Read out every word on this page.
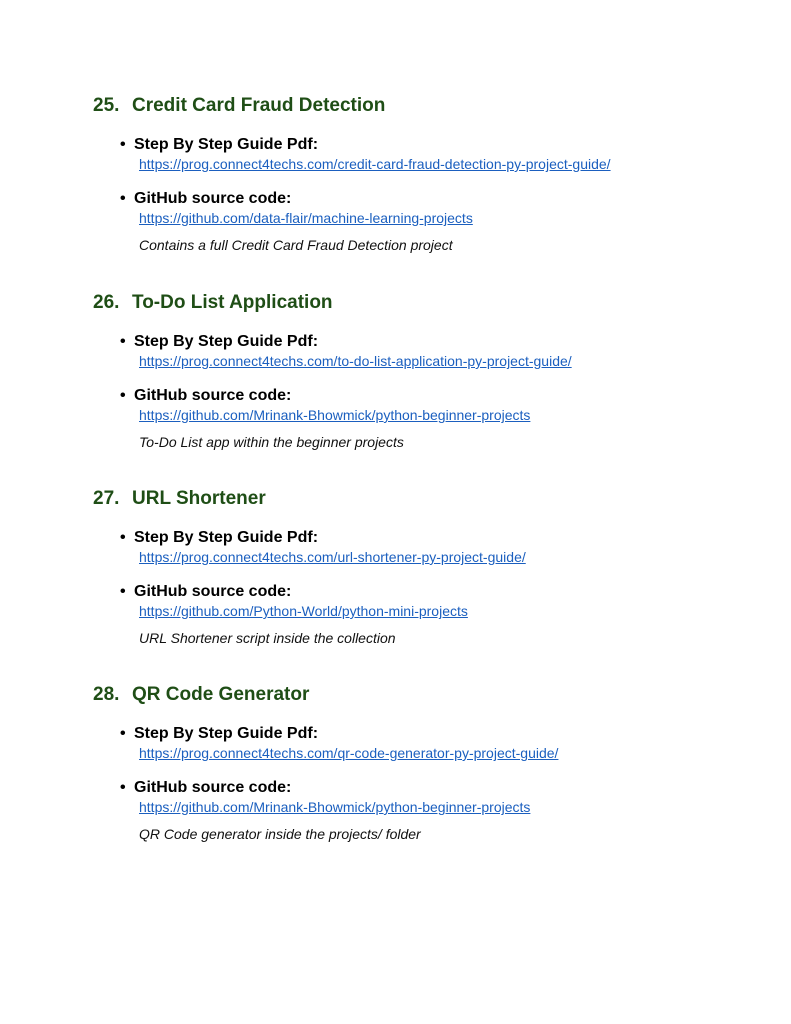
25. Credit Card Fraud Detection
• Step By Step Guide Pdf:
https://prog.connect4techs.com/credit-card-fraud-detection-py-project-guide/
• GitHub source code:
https://github.com/data-flair/machine-learning-projects
Contains a full Credit Card Fraud Detection project
26. To-Do List Application
• Step By Step Guide Pdf:
https://prog.connect4techs.com/to-do-list-application-py-project-guide/
• GitHub source code:
https://github.com/Mrinank-Bhowmick/python-beginner-projects
To-Do List app within the beginner projects
27. URL Shortener
• Step By Step Guide Pdf:
https://prog.connect4techs.com/url-shortener-py-project-guide/
• GitHub source code:
https://github.com/Python-World/python-mini-projects
URL Shortener script inside the collection
28. QR Code Generator
• Step By Step Guide Pdf:
https://prog.connect4techs.com/qr-code-generator-py-project-guide/
• GitHub source code:
https://github.com/Mrinank-Bhowmick/python-beginner-projects
QR Code generator inside the projects/ folder
